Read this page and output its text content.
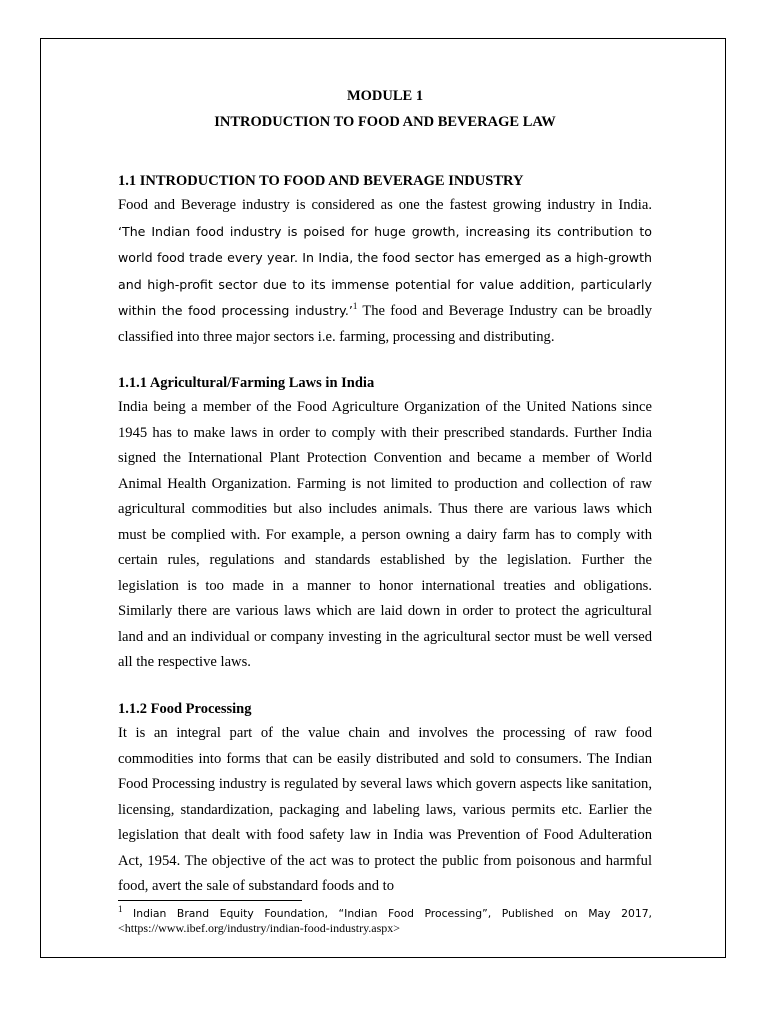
MODULE 1

INTRODUCTION TO FOOD AND BEVERAGE LAW

1.1 INTRODUCTION TO FOOD AND BEVERAGE INDUSTRY

Food and Beverage industry is considered as one the fastest growing industry in India. ‘The Indian food industry is poised for huge growth, increasing its contribution to world food trade every year. In India, the food sector has emerged as a high-growth and high-profit sector due to its immense potential for value addition, particularly within the food processing industry.’$^1$ The food and Beverage Industry can be broadly classified into three major sectors i.e. farming, processing and distributing.

1.1.1 Agricultural/Farming Laws in India

India being a member of the Food Agriculture Organization of the United Nations since 1945 has to make laws in order to comply with their prescribed standards. Further India signed the International Plant Protection Convention and became a member of World Animal Health Organization. Farming is not limited to production and collection of raw agricultural commodities but also includes animals. Thus there are various laws which must be complied with. For example, a person owning a dairy farm has to comply with certain rules, regulations and standards established by the legislation. Further the legislation is too made in a manner to honor international treaties and obligations. Similarly there are various laws which are laid down in order to protect the agricultural land and an individual or company investing in the agricultural sector must be well versed all the respective laws.

1.1.2 Food Processing

It is an integral part of the value chain and involves the processing of raw food commodities into forms that can be easily distributed and sold to consumers. The Indian Food Processing industry is regulated by several laws which govern aspects like sanitation, licensing, standardization, packaging and labeling laws, various permits etc. Earlier the legislation that dealt with food safety law in India was Prevention of Food Adulteration Act, 1954. The objective of the act was to protect the public from poisonous and harmful food, avert the sale of substandard foods and to

$^1$ Indian Brand Equity Foundation, “Indian Food Processing”, Published on May 2017, <https://www.ibef.org/industry/indian-food-industry.aspx>
